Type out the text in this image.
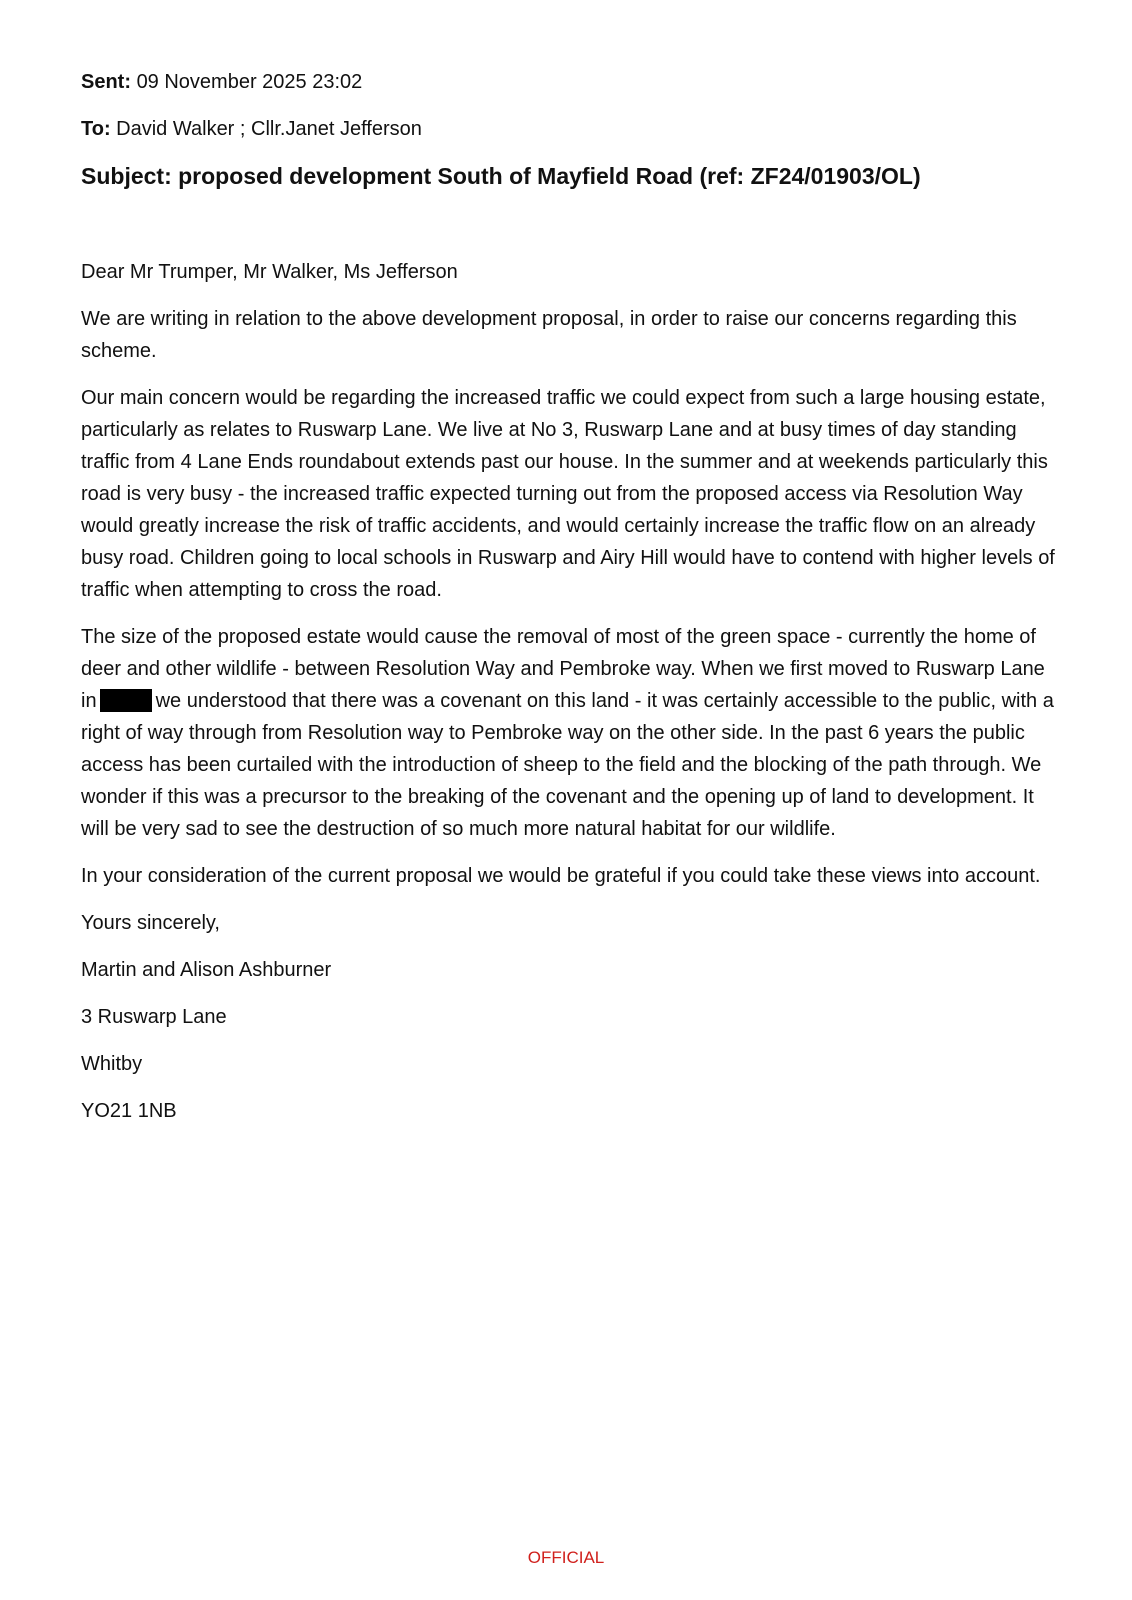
Sent: 09 November 2025 23:02
To: David Walker ; Cllr.Janet Jefferson
Subject: proposed development South of Mayfield Road (ref: ZF24/01903/OL)

Dear Mr Trumper, Mr Walker, Ms Jefferson

We are writing in relation to the above development proposal, in order to raise our concerns regarding this scheme.

Our main concern would be regarding the increased traffic we could expect from such a large housing estate, particularly as relates to Ruswarp Lane. We live at No 3, Ruswarp Lane and at busy times of day standing traffic from 4 Lane Ends roundabout extends past our house. In the summer and at weekends particularly this road is very busy - the increased traffic expected turning out from the proposed access via Resolution Way would greatly increase the risk of traffic accidents, and would certainly increase the traffic flow on an already busy road. Children going to local schools in Ruswarp and Airy Hill would have to contend with higher levels of traffic when attempting to cross the road.

The size of the proposed estate would cause the removal of most of the green space - currently the home of deer and other wildlife - between Resolution Way and Pembroke way. When we first moved to Ruswarp Lane in	we understood that there was a covenant on this land - it was certainly accessible to the public, with a right of way through from Resolution way to Pembroke way on the other side. In the past 6 years the public access has been curtailed with the introduction of sheep to the field and the blocking of the path through. We wonder if this was a precursor to the breaking of the covenant and the opening up of land to development. It will be very sad to see the destruction of so much more natural habitat for our wildlife.

In your consideration of the current proposal we would be grateful if you could take these views into account.

Yours sincerely,

Martin and Alison Ashburner

3 Ruswarp Lane

Whitby

YO21 1NB

OFFICIAL
